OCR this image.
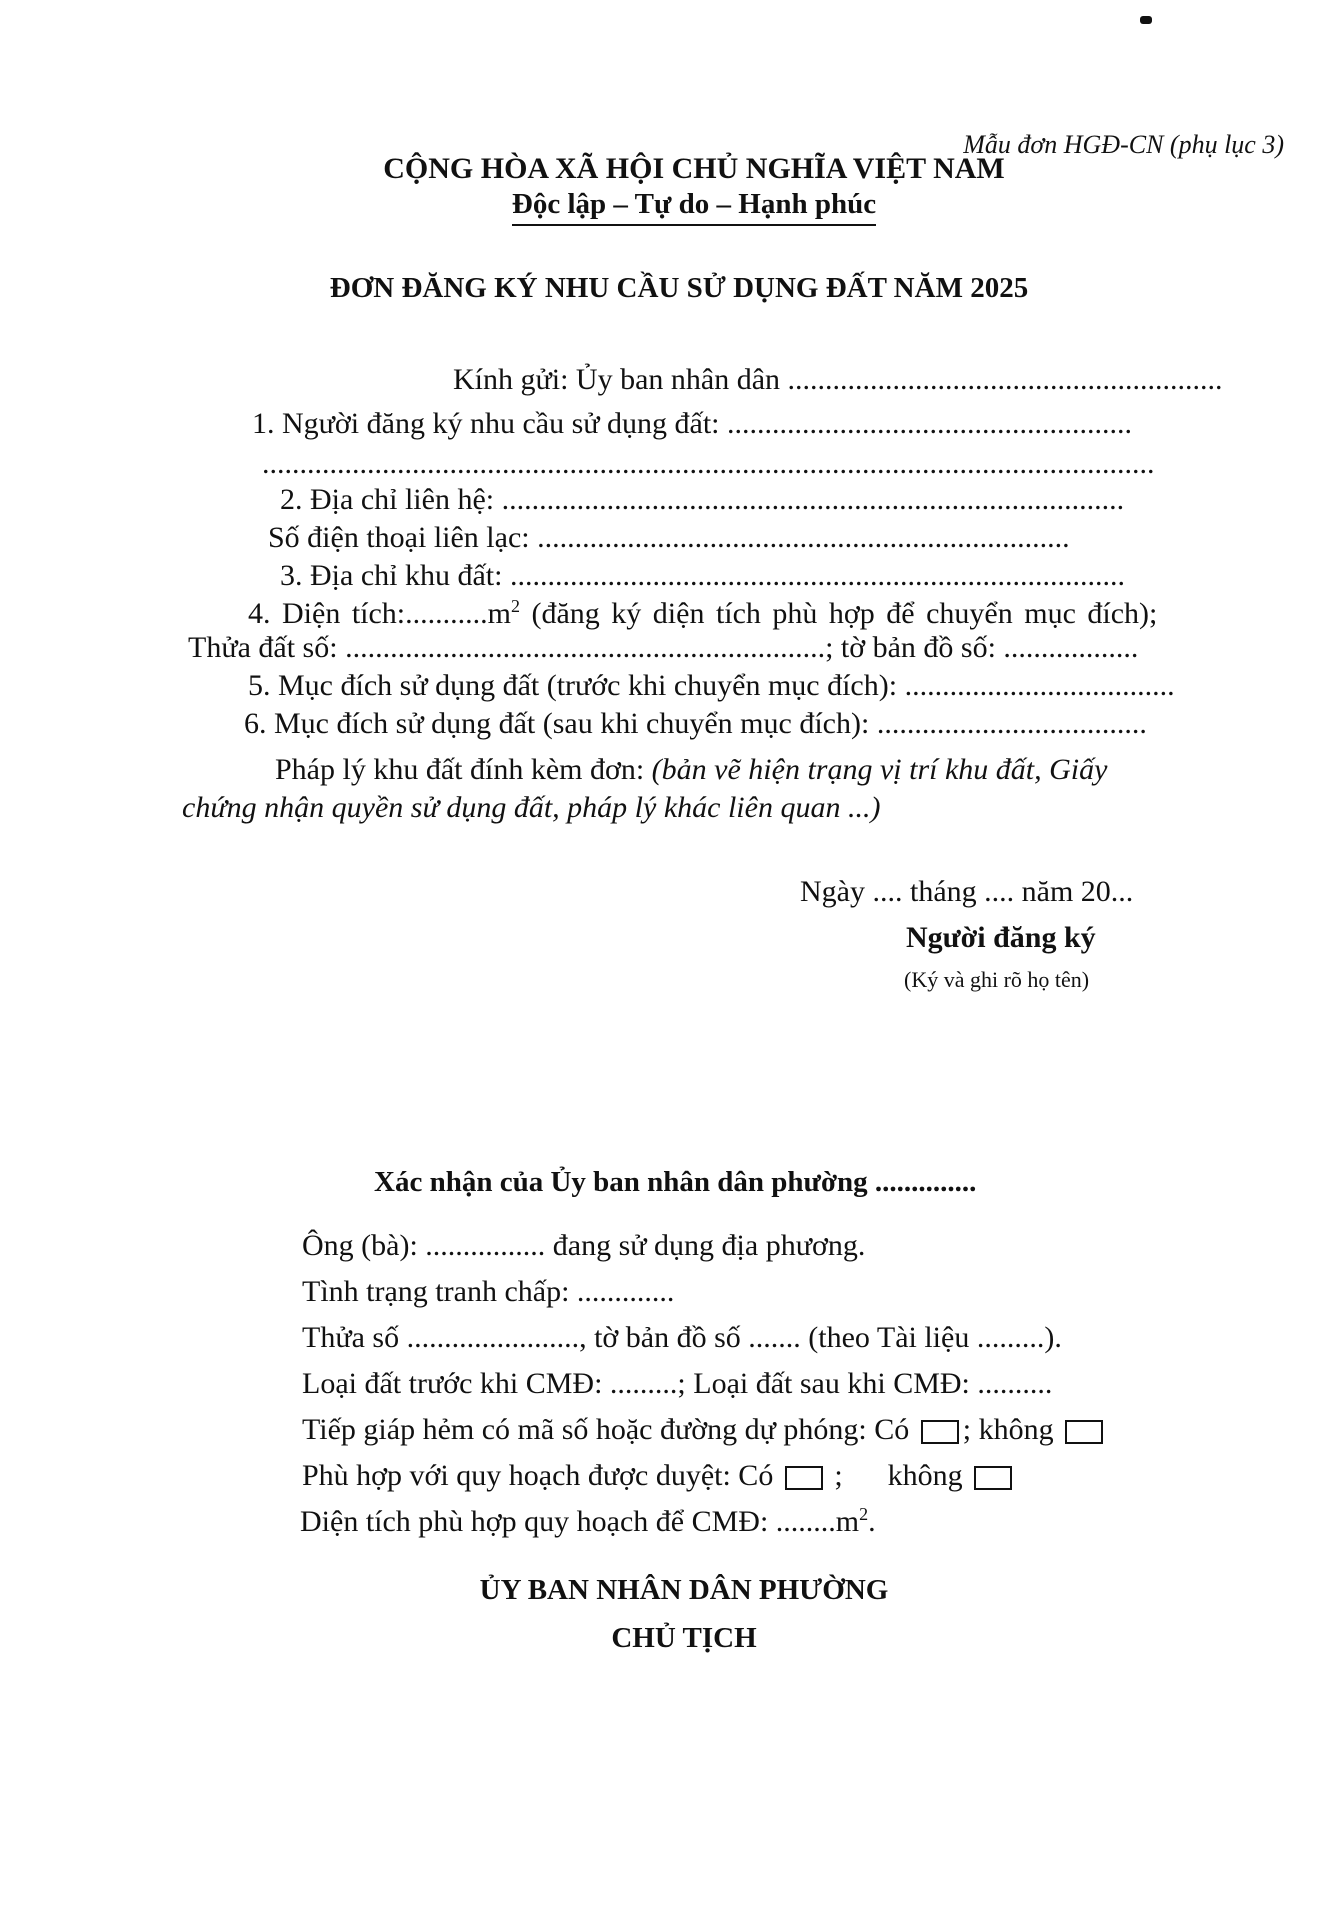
Mẫu đơn HGĐ-CN (phụ lục 3)
CỘNG HÒA XÃ HỘI CHỦ NGHĨA VIỆT NAM
Độc lập – Tự do – Hạnh phúc
ĐƠN ĐĂNG KÝ NHU CẦU SỬ DỤNG ĐẤT NĂM 2025
Kính gửi: Ủy ban nhân dân ..........................................................
1. Người đăng ký nhu cầu sử dụng đất: ......................................................
.......................................................................................................................
2. Địa chỉ liên hệ: ...................................................................................
Số điện thoại liên lạc: .......................................................................
3. Địa chỉ khu đất: ..................................................................................
4. Diện $tích:...........m^2$ (đăng ký diện tích phù hợp để chuyển mục đích);
Thửa đất số: ................................................................; tờ bản đồ số: ..................
5. Mục đích sử dụng đất (trước khi chuyển mục đích): ....................................
6. Mục đích sử dụng đất (sau khi chuyển mục đích): ....................................
Pháp lý khu đất đính kèm đơn: (bản vẽ hiện trạng vị trí khu đất, Giấy
chứng nhận quyền sử dụng đất, pháp lý khác liên quan ...)
Ngày .... tháng .... năm 20...
Người đăng ký
(Ký và ghi rõ họ tên)
Xác nhận của Ủy ban nhân dân phường ..............
Ông (bà): ................ đang sử dụng địa phương.
Tình trạng tranh chấp: .............
Thửa số ......................., tờ bản đồ số ....... (theo Tài liệu .........).
Loại đất trước khi CMĐ: .........; Loại đất sau khi CMĐ: ..........
Tiếp giáp hẻm có mã số hoặc đường dự phóng: Có ; không
Phù hợp với quy hoạch được duyệt: Có  ;      không
Diện tích phù hợp quy hoạch để CMĐ: $........m^2$.
ỦY BAN NHÂN DÂN PHƯỜNG
CHỦ TỊCH
